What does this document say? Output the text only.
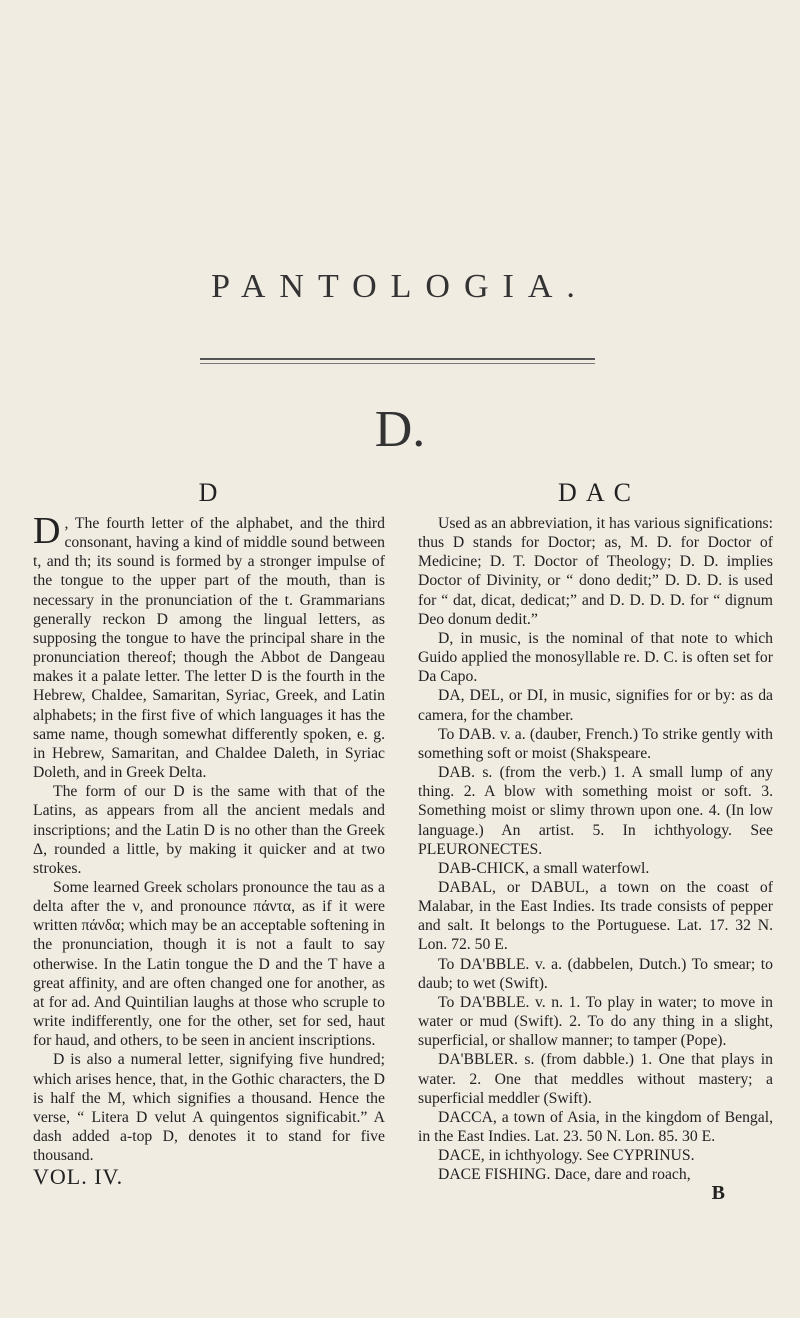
PANTOLOGIA.
D.
D

D , The fourth letter of the alphabet, and the third consonant, having a kind of middle sound between t, and th; its sound is formed by a stronger impulse of the tongue to the upper part of the mouth, than is necessary in the pronunciation of the t. Grammarians generally reckon D among the lingual letters, as supposing the tongue to have the principal share in the pronunciation thereof; though the Abbot de Dangeau makes it a palate letter. The letter D is the fourth in the Hebrew, Chaldee, Samaritan, Syriac, Greek, and Latin alphabets; in the first five of which languages it has the same name, though somewhat differently spoken, e. g. in Hebrew, Samaritan, and Chaldee Daleth, in Syriac Doleth, and in Greek Delta.

The form of our D is the same with that of the Latins, as appears from all the ancient medals and inscriptions; and the Latin D is no other than the Greek Δ, rounded a little, by making it quicker and at two strokes.

Some learned Greek scholars pronounce the tau as a delta after the ν, and pronounce πάντα, as if it were written πάνδα; which may be an acceptable softening in the pronunciation, though it is not a fault to say otherwise. In the Latin tongue the D and the T have a great affinity, and are often changed one for another, as at for ad. And Quintilian laughs at those who scruple to write indifferently, one for the other, set for sed, haut for haud, and others, to be seen in ancient inscriptions.

D is also a numeral letter, signifying five hundred; which arises hence, that, in the Gothic characters, the D is half the M, which signifies a thousand. Hence the verse, “ Litera D velut A quingentos significabit.” A dash added a-top D, denotes it to stand for five thousand.

VOL. IV.
D A C

Used as an abbreviation, it has various significations: thus D stands for Doctor; as, M. D. for Doctor of Medicine; D. T. Doctor of Theology; D. D. implies Doctor of Divinity, or “ dono dedit;” D. D. D. is used for “ dat, dicat, dedicat;” and D. D. D. D. for “ dignum Deo donum dedit.”

D, in music, is the nominal of that note to which Guido applied the monosyllable re. D. C. is often set for Da Capo.

DA, DEL, or DI, in music, signifies for or by: as da camera, for the chamber.

To DAB. v. a. (dauber, French.) To strike gently with something soft or moist (Shakspeare.

DAB. s. (from the verb.) 1. A small lump of any thing. 2. A blow with something moist or soft. 3. Something moist or slimy thrown upon one. 4. (In low language.) An artist. 5. In ichthyology. See PLEURONECTES.

DAB-CHICK, a small waterfowl.

DABAL, or DABUL, a town on the coast of Malabar, in the East Indies. Its trade consists of pepper and salt. It belongs to the Portuguese. Lat. 17. 32 N. Lon. 72. 50 E.

To DA'BBLE. v. a. (dabbelen, Dutch.) To smear; to daub; to wet (Swift).

To DA'BBLE. v. n. 1. To play in water; to move in water or mud (Swift). 2. To do any thing in a slight, superficial, or shallow manner; to tamper (Pope).

DA'BBLER. s. (from dabble.) 1. One that plays in water. 2. One that meddles without mastery; a superficial meddler (Swift).

DACCA, a town of Asia, in the kingdom of Bengal, in the East Indies. Lat. 23. 50 N. Lon. 85. 30 E.

DACE, in ichthyology. See CYPRINUS.

DACE FISHING. Dace, dare and roach,

B
